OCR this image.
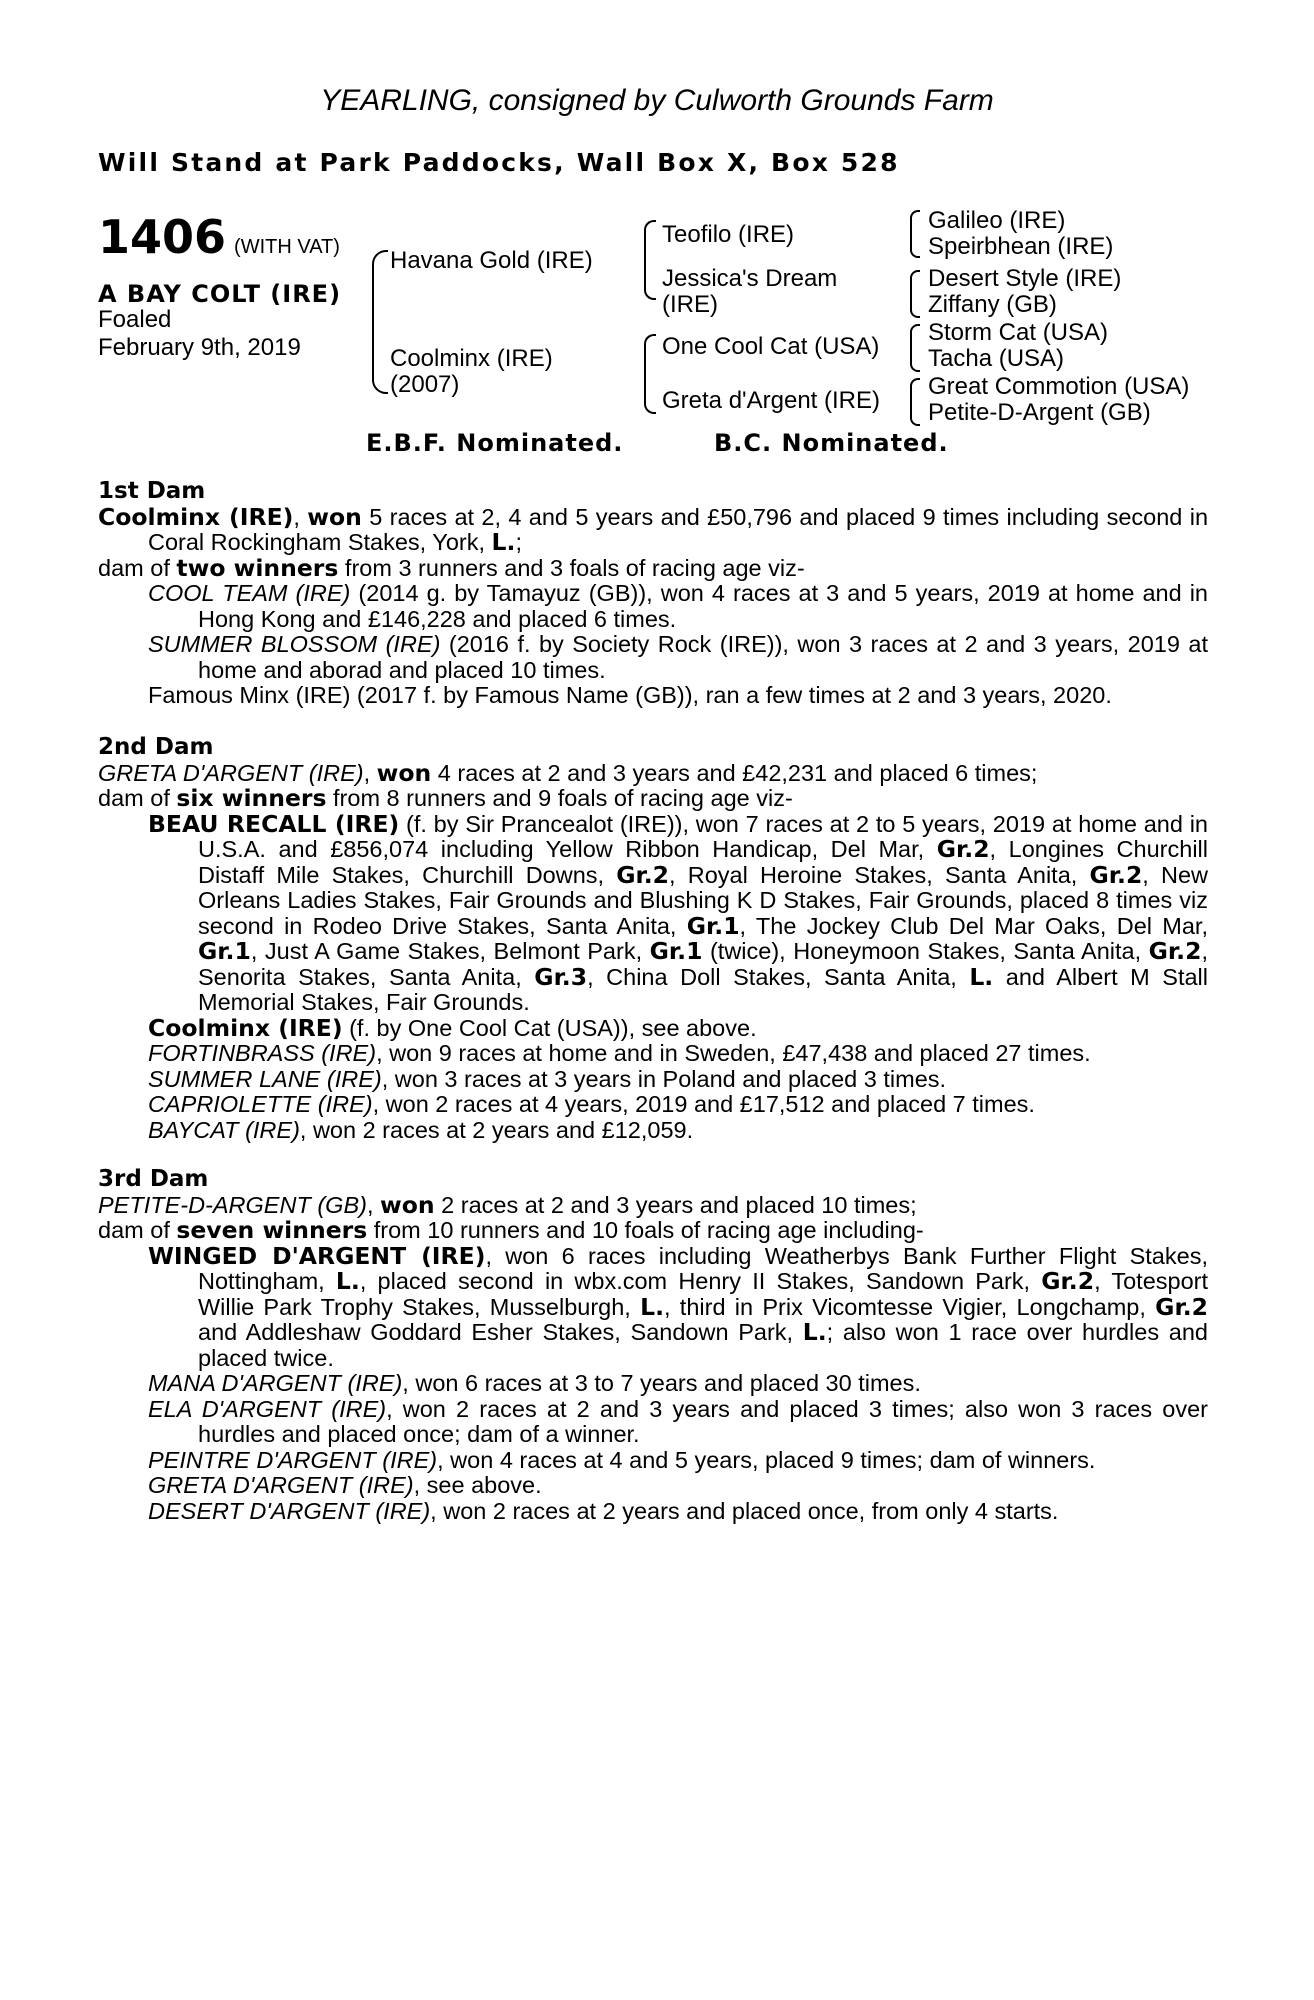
YEARLING, consigned by Culworth Grounds Farm
Will Stand at Park Paddocks, Wall Box X, Box 528
1406 (WITH VAT)
A BAY COLT (IRE)
Foaled
February 9th, 2019
Havana Gold (IRE)
Coolminx (IRE)
(2007)
Teofilo (IRE)
Jessica's Dream
(IRE)
One Cool Cat (USA)
Greta d'Argent (IRE)
Galileo (IRE)
Speirbhean (IRE)
Desert Style (IRE)
Ziffany (GB)
Storm Cat (USA)
Tacha (USA)
Great Commotion (USA)
Petite-D-Argent (GB)
E.B.F. Nominated.	B.C. Nominated.
1st Dam

Coolminx (IRE), won 5 races at 2, 4 and 5 years and £50,796 and placed 9 times including second in Coral Rockingham Stakes, York, L.;

dam of two winners from 3 runners and 3 foals of racing age viz-

COOL TEAM (IRE) (2014 g. by Tamayuz (GB)), won 4 races at 3 and 5 years, 2019 at home and in Hong Kong and £146,228 and placed 6 times.

SUMMER BLOSSOM (IRE) (2016 f. by Society Rock (IRE)), won 3 races at 2 and 3 years, 2019 at home and aborad and placed 10 times.

Famous Minx (IRE) (2017 f. by Famous Name (GB)), ran a few times at 2 and 3 years, 2020.

2nd Dam

GRETA D'ARGENT (IRE), won 4 races at 2 and 3 years and £42,231 and placed 6 times;

dam of six winners from 8 runners and 9 foals of racing age viz-

BEAU RECALL (IRE) (f. by Sir Prancealot (IRE)), won 7 races at 2 to 5 years, 2019 at home and in U.S.A. and £856,074 including Yellow Ribbon Handicap, Del Mar, Gr.2, Longines Churchill Distaff Mile Stakes, Churchill Downs, Gr.2, Royal Heroine Stakes, Santa Anita, Gr.2, New Orleans Ladies Stakes, Fair Grounds and Blushing K D Stakes, Fair Grounds, placed 8 times viz second in Rodeo Drive Stakes, Santa Anita, Gr.1, The Jockey Club Del Mar Oaks, Del Mar, Gr.1, Just A Game Stakes, Belmont Park, Gr.1 (twice), Honeymoon Stakes, Santa Anita, Gr.2, Senorita Stakes, Santa Anita, Gr.3, China Doll Stakes, Santa Anita, L. and Albert M Stall Memorial Stakes, Fair Grounds.

Coolminx (IRE) (f. by One Cool Cat (USA)), see above.

FORTINBRASS (IRE), won 9 races at home and in Sweden, £47,438 and placed 27 times.

SUMMER LANE (IRE), won 3 races at 3 years in Poland and placed 3 times.

CAPRIOLETTE (IRE), won 2 races at 4 years, 2019 and £17,512 and placed 7 times.

BAYCAT (IRE), won 2 races at 2 years and £12,059.

3rd Dam

PETITE-D-ARGENT (GB), won 2 races at 2 and 3 years and placed 10 times;

dam of seven winners from 10 runners and 10 foals of racing age including-

WINGED D'ARGENT (IRE), won 6 races including Weatherbys Bank Further Flight Stakes, Nottingham, L., placed second in wbx.com Henry II Stakes, Sandown Park, Gr.2, Totesport Willie Park Trophy Stakes, Musselburgh, L., third in Prix Vicomtesse Vigier, Longchamp, Gr.2 and Addleshaw Goddard Esher Stakes, Sandown Park, L.; also won 1 race over hurdles and placed twice.

MANA D'ARGENT (IRE), won 6 races at 3 to 7 years and placed 30 times.

ELA D'ARGENT (IRE), won 2 races at 2 and 3 years and placed 3 times; also won 3 races over hurdles and placed once; dam of a winner.

PEINTRE D'ARGENT (IRE), won 4 races at 4 and 5 years, placed 9 times; dam of winners.

GRETA D'ARGENT (IRE), see above.

DESERT D'ARGENT (IRE), won 2 races at 2 years and placed once, from only 4 starts.
